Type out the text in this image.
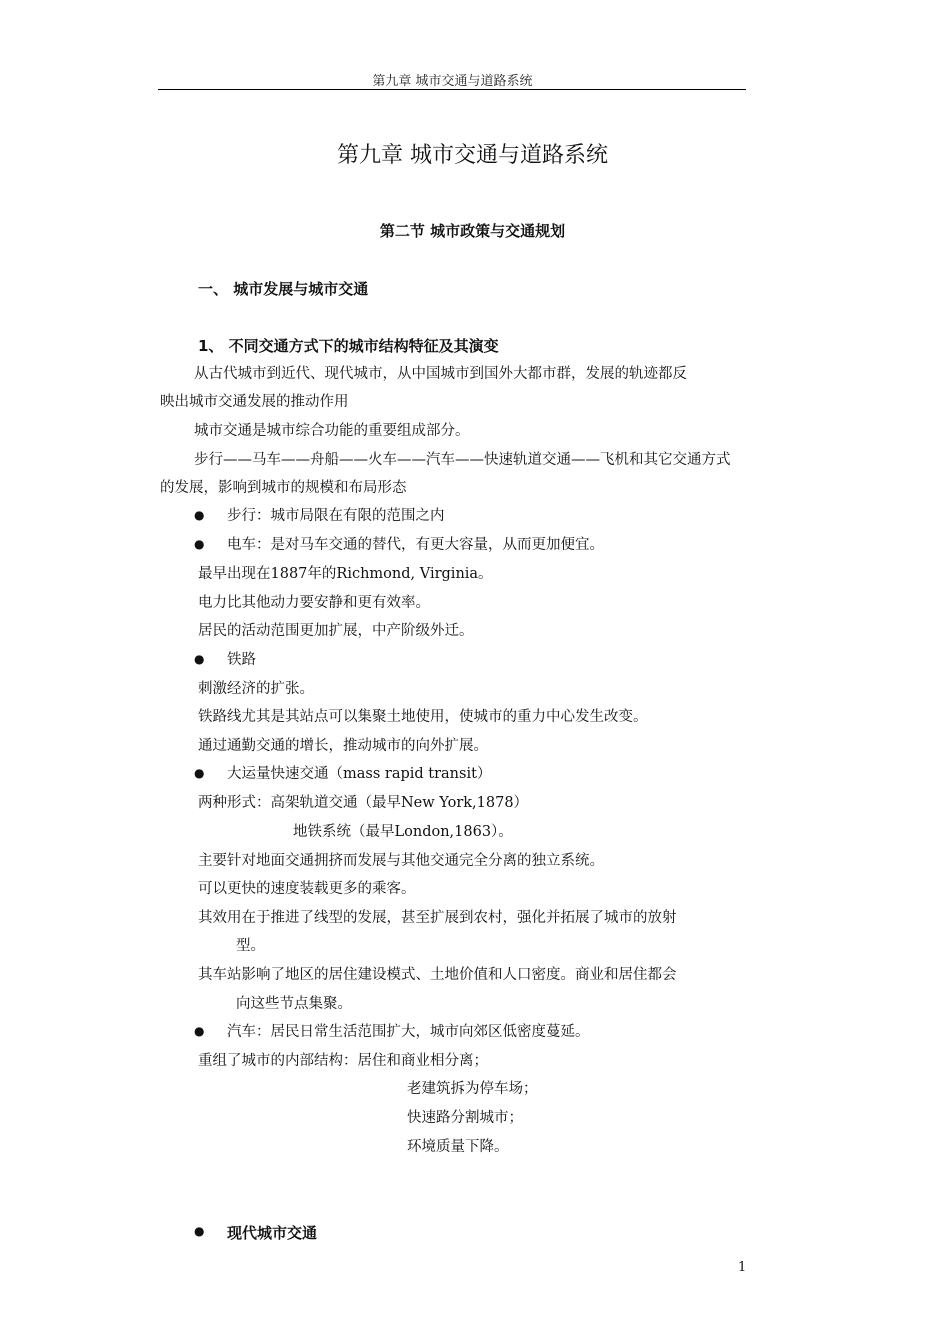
第九章 城市交通与道路系统
第九章 城市交通与道路系统
第二节 城市政策与交通规划
一、 城市发展与城市交通
1、 不同交通方式下的城市结构特征及其演变
从古代城市到近代、现代城市，从中国城市到国外大都市群，发展的轨迹都反
映出城市交通发展的推动作用
城市交通是城市综合功能的重要组成部分。
步行——马车——舟船——火车——汽车——快速轨道交通——飞机和其它交通方式
的发展，影响到城市的规模和布局形态
● 步行：城市局限在有限的范围之内
● 电车：是对马车交通的替代，有更大容量，从而更加便宜。
最早出现在1887年的Richmond, Virginia。
电力比其他动力要安静和更有效率。
居民的活动范围更加扩展，中产阶级外迁。
● 铁路
刺激经济的扩张。
铁路线尤其是其站点可以集聚土地使用，使城市的重力中心发生改变。
通过通勤交通的增长，推动城市的向外扩展。
● 大运量快速交通（mass rapid transit）
两种形式：高架轨道交通（最早New York,1878）
地铁系统（最早London,1863）。
主要针对地面交通拥挤而发展与其他交通完全分离的独立系统。
可以更快的速度装载更多的乘客。
其效用在于推进了线型的发展，甚至扩展到农村，强化并拓展了城市的放射
型。
其车站影响了地区的居住建设模式、土地价值和人口密度。商业和居住都会
向这些节点集聚。
● 汽车：居民日常生活范围扩大，城市向郊区低密度蔓延。
重组了城市的内部结构：居住和商业相分离；
老建筑拆为停车场；
快速路分割城市；
环境质量下降。
● 现代城市交通
1
